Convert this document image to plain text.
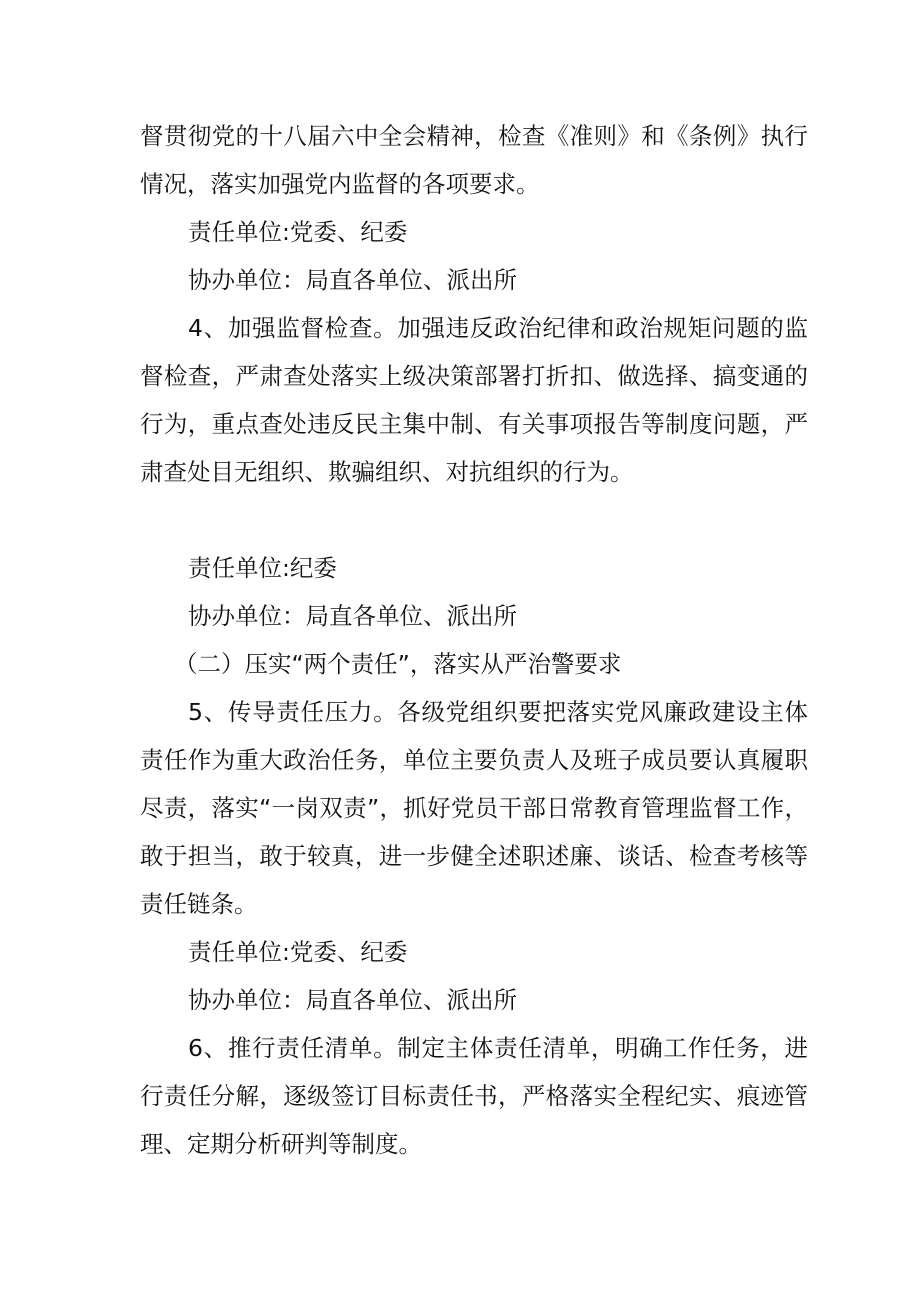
督贯彻党的十八届六中全会精神，检查《准则》和《条例》执行情况，落实加强党内监督的各项要求。

责任单位:党委、纪委

协办单位：局直各单位、派出所

4、加强监督检查。加强违反政治纪律和政治规矩问题的监督检查，严肃查处落实上级决策部署打折扣、做选择、搞变通的行为，重点查处违反民主集中制、有关事项报告等制度问题，严肃查处目无组织、欺骗组织、对抗组织的行为。

责任单位:纪委

协办单位：局直各单位、派出所

（二）压实“两个责任”，落实从严治警要求

5、传导责任压力。各级党组织要把落实党风廉政建设主体责任作为重大政治任务，单位主要负责人及班子成员要认真履职尽责，落实“一岗双责”，抓好党员干部日常教育管理监督工作，敢于担当，敢于较真，进一步健全述职述廉、谈话、检查考核等责任链条。

责任单位:党委、纪委

协办单位：局直各单位、派出所

6、推行责任清单。制定主体责任清单，明确工作任务，进行责任分解，逐级签订目标责任书，严格落实全程纪实、痕迹管理、定期分析研判等制度。
